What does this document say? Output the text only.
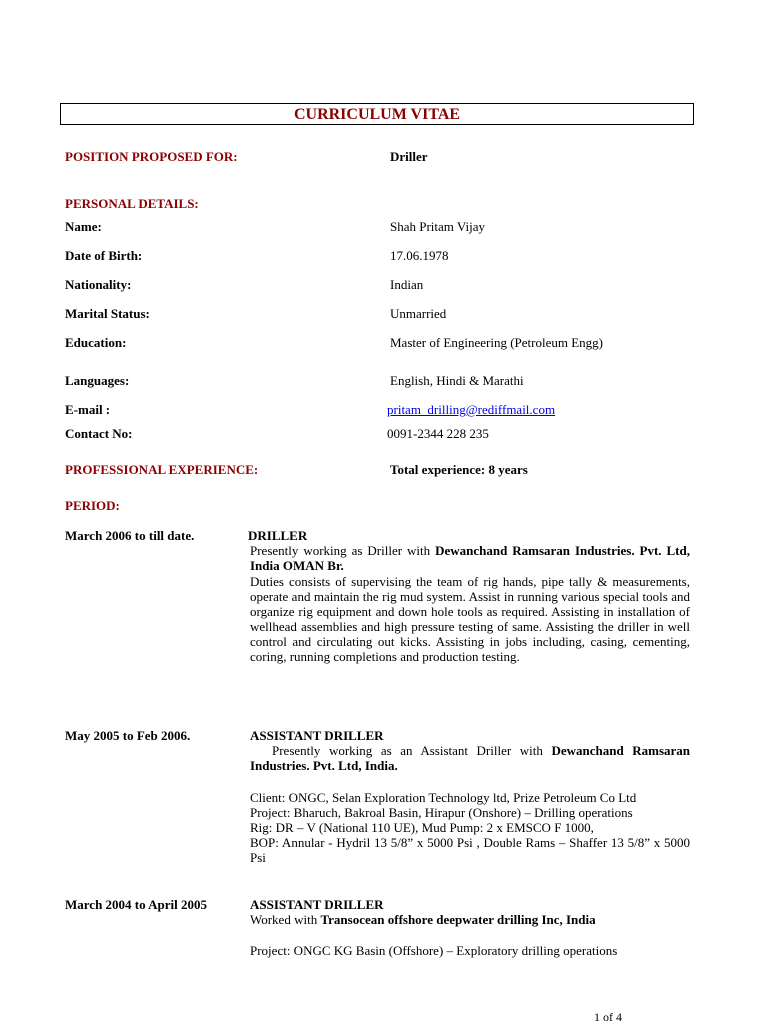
CURRICULUM VITAE
POSITION PROPOSED FOR:	Driller
PERSONAL DETAILS:
Name:	Shah Pritam Vijay
Date of Birth:	17.06.1978
Nationality:	Indian
Marital Status:	Unmarried
Education:	Master of Engineering (Petroleum Engg)
Languages:	English, Hindi & Marathi
E-mail :	pritam_drilling@rediffmail.com
Contact No:	0091-2344 228 235
PROFESSIONAL EXPERIENCE:	Total experience: 8 years
PERIOD:
March 2006 to till date.	DRILLER
Presently working as Driller with Dewanchand Ramsaran Industries. Pvt. Ltd, India OMAN Br.
Duties consists of supervising the team of rig hands, pipe tally & measurements, operate and maintain the rig mud system. Assist in running various special tools and organize rig equipment and down hole tools as required. Assisting in installation of wellhead assemblies and high pressure testing of same. Assisting the driller in well control and circulating out kicks. Assisting in jobs including, casing, cementing, coring, running completions and production testing.
May 2005 to Feb 2006.	ASSISTANT DRILLER
Presently working as an Assistant Driller with Dewanchand Ramsaran Industries. Pvt. Ltd, India.
Client: ONGC, Selan Exploration Technology ltd, Prize Petroleum Co Ltd
Project: Bharuch, Bakroal Basin, Hirapur (Onshore) – Drilling operations
Rig: DR – V (National 110 UE), Mud Pump: 2 x EMSCO F 1000,
BOP: Annular - Hydril 13 5/8” x 5000 Psi , Double Rams – Shaffer 13 5/8” x 5000 Psi
March 2004 to April 2005	ASSISTANT DRILLER
Worked with Transocean offshore deepwater drilling Inc, India
Project: ONGC KG Basin (Offshore) – Exploratory drilling operations
1 of 4
